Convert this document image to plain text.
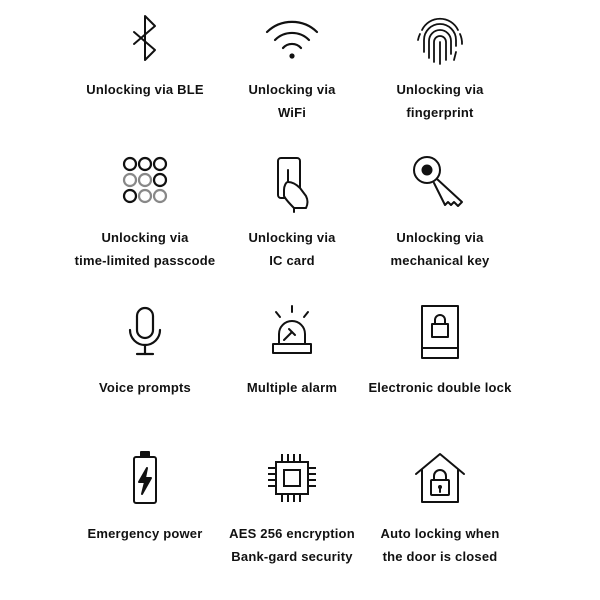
Unlocking via BLE	Unlocking via
WiFi
Unlocking via
fingerprint
Unlocking via
time-limited passcode
Unlocking via
IC card
Unlocking via
mechanical key
Voice prompts	Multiple alarm Electronic double lock
Emergency power AES 256 encryption
Bank-gard security
Auto locking when
the door is closed
